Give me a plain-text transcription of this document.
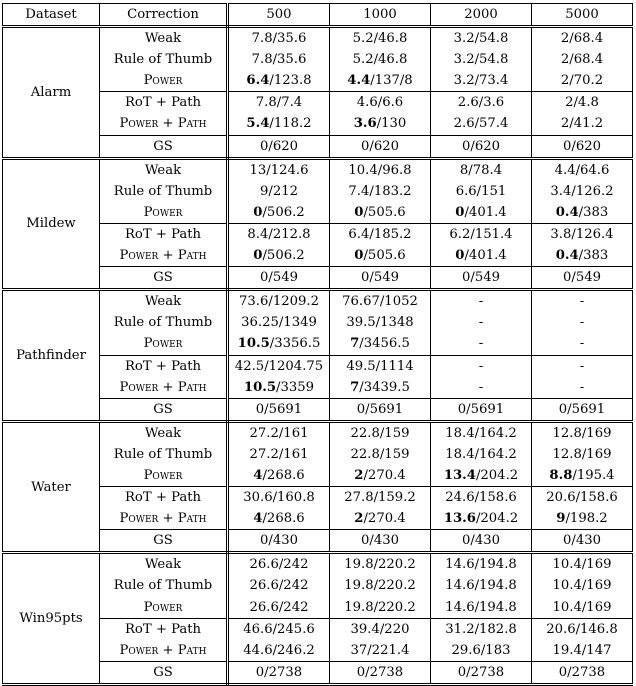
Dataset	Correction	500	1000	2000	5000
Alarm	Weak	7.8/35.6	5.2/46.8	3.2/54.8	2/68.4
	Rule of Thumb	7.8/35.6	5.2/46.8	3.2/54.8	2/68.4
	Power	6.4/123.8	4.4/137/8	3.2/73.4	2/70.2
	RoT + Path	7.8/7.4	4.6/6.6	2.6/3.6	2/4.8
	Power + Path	5.4/118.2	3.6/130	2.6/57.4	2/41.2
	GS	0/620	0/620	0/620	0/620
Mildew	Weak	13/124.6	10.4/96.8	8/78.4	4.4/64.6
	Rule of Thumb	9/212	7.4/183.2	6.6/151	3.4/126.2
	Power	0/506.2	0/505.6	0/401.4	0.4/383
	RoT + Path	8.4/212.8	6.4/185.2	6.2/151.4	3.8/126.4
	Power + Path	0/506.2	0/505.6	0/401.4	0.4/383
	GS	0/549	0/549	0/549	0/549
Pathfinder	Weak	73.6/1209.2	76.67/1052	-	-
	Rule of Thumb	36.25/1349	39.5/1348	-	-
	Power	10.5/3356.5	7/3456.5	-	-
	RoT + Path	42.5/1204.75	49.5/1114	-	-
	Power + Path	10.5/3359	7/3439.5	-	-
	GS	0/5691	0/5691	0/5691	0/5691
Water	Weak	27.2/161	22.8/159	18.4/164.2	12.8/169
	Rule of Thumb	27.2/161	22.8/159	18.4/164.2	12.8/169
	Power	4/268.6	2/270.4	13.4/204.2	8.8/195.4
	RoT + Path	30.6/160.8	27.8/159.2	24.6/158.6	20.6/158.6
	Power + Path	4/268.6	2/270.4	13.6/204.2	9/198.2
	GS	0/430	0/430	0/430	0/430
Win95pts	Weak	26.6/242	19.8/220.2	14.6/194.8	10.4/169
	Rule of Thumb	26.6/242	19.8/220.2	14.6/194.8	10.4/169
	Power	26.6/242	19.8/220.2	14.6/194.8	10.4/169
	RoT + Path	46.6/245.6	39.4/220	31.2/182.8	20.6/146.8
	Power + Path	44.6/246.2	37/221.4	29.6/183	19.4/147
	GS	0/2738	0/2738	0/2738	0/2738
